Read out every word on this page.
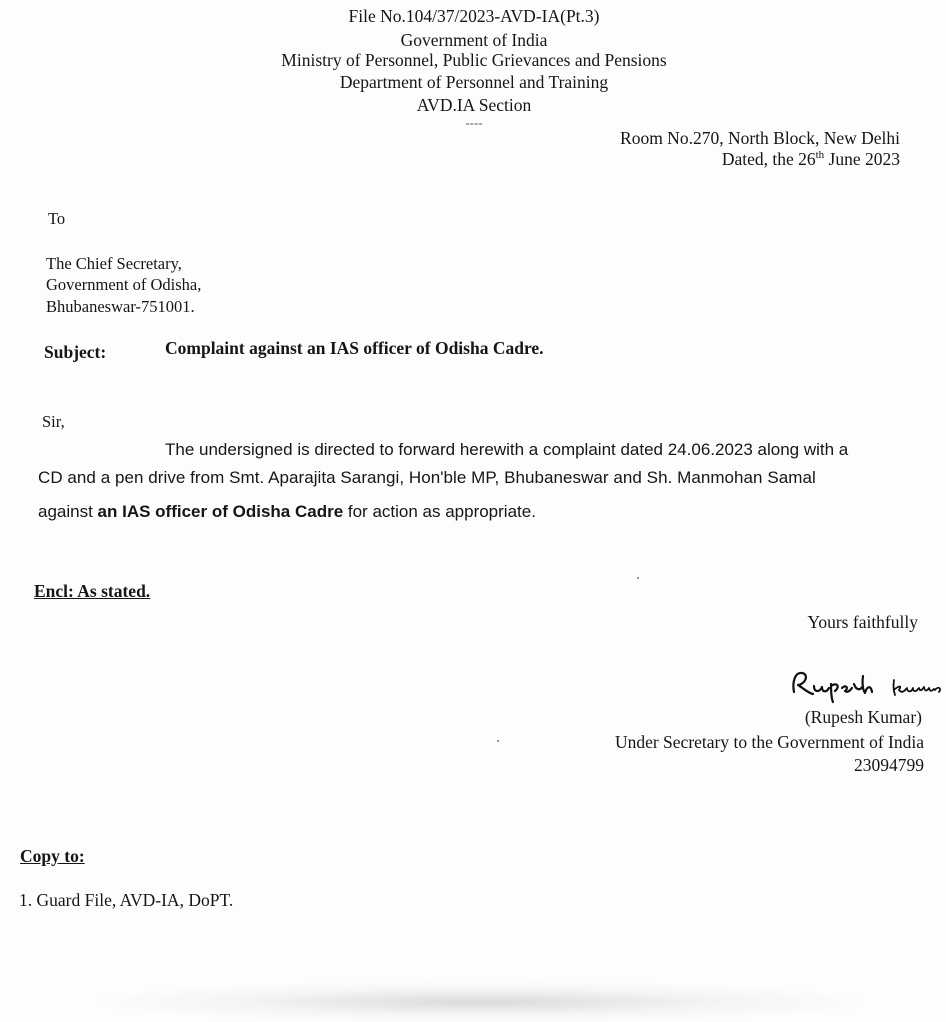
File No.104/37/2023-AVD-IA(Pt.3)
Government of India
Ministry of Personnel, Public Grievances and Pensions
Department of Personnel and Training
AVD.IA Section
----
Room No.270, North Block, New Delhi
Dated, the 26th June 2023
To
The Chief Secretary,
Government of Odisha,
Bhubaneswar-751001.
Subject:	Complaint against an IAS officer of Odisha Cadre.
Sir,
The undersigned is directed to forward herewith a complaint dated 24.06.2023 along with a
CD and a pen drive from Smt. Aparajita Sarangi, Hon'ble MP, Bhubaneswar and Sh. Manmohan Samal
against an IAS officer of Odisha Cadre for action as appropriate.
Encl: As stated.
Yours faithfully
(Rupesh Kumar)
Under Secretary to the Government of India
23094799
Copy to:
1. Guard File, AVD-IA, DoPT.
